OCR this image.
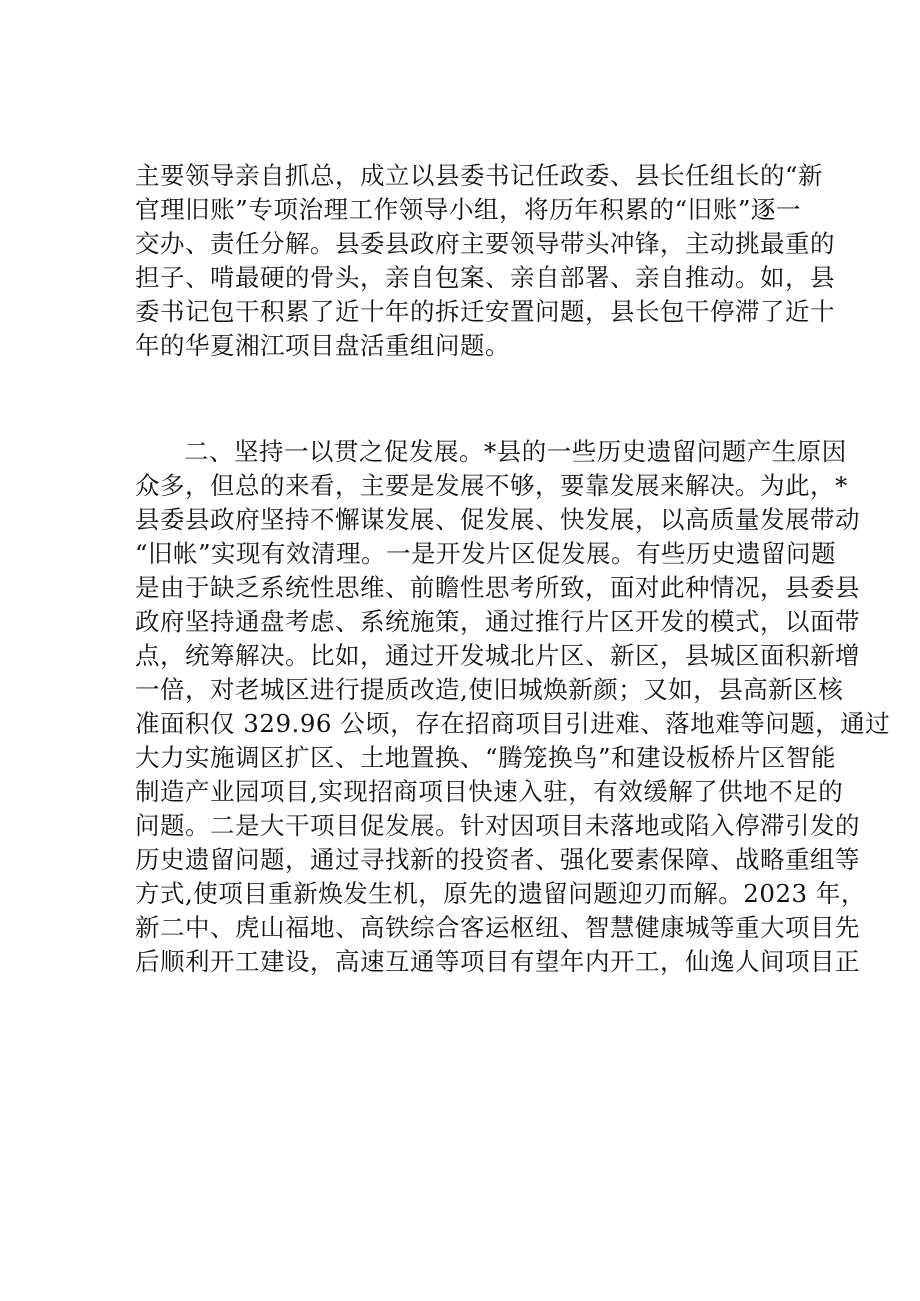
主要领导亲自抓总，成立以县委书记任政委、县长任组长的“新
官理旧账”专项治理工作领导小组，将历年积累的“旧账”逐一
交办、责任分解。县委县政府主要领导带头冲锋，主动挑最重的
担子、啃最硬的骨头，亲自包案、亲自部署、亲自推动。如，县
委书记包干积累了近十年的拆迁安置问题，县长包干停滞了近十
年的华夏湘江项目盘活重组问题。
二、坚持一以贯之促发展。*县的一些历史遗留问题产生原因
众多，但总的来看，主要是发展不够，要靠发展来解决。为此，*
县委县政府坚持不懈谋发展、促发展、快发展，以高质量发展带动
“旧帐”实现有效清理。一是开发片区促发展。有些历史遗留问题
是由于缺乏系统性思维、前瞻性思考所致，面对此种情况，县委县
政府坚持通盘考虑、系统施策，通过推行片区开发的模式，以面带
点，统筹解决。比如，通过开发城北片区、新区，县城区面积新增
一倍，对老城区进行提质改造,使旧城焕新颜；又如，县高新区核
准面积仅 329.96 公顷，存在招商项目引进难、落地难等问题，通过
大力实施调区扩区、土地置换、“腾笼换鸟”和建设板桥片区智能
制造产业园项目,实现招商项目快速入驻，有效缓解了供地不足的
问题。二是大干项目促发展。针对因项目未落地或陷入停滞引发的
历史遗留问题，通过寻找新的投资者、强化要素保障、战略重组等
方式,使项目重新焕发生机，原先的遗留问题迎刃而解。2023 年，
新二中、虎山福地、高铁综合客运枢纽、智慧健康城等重大项目先
后顺利开工建设，高速互通等项目有望年内开工，仙逸人间项目正
